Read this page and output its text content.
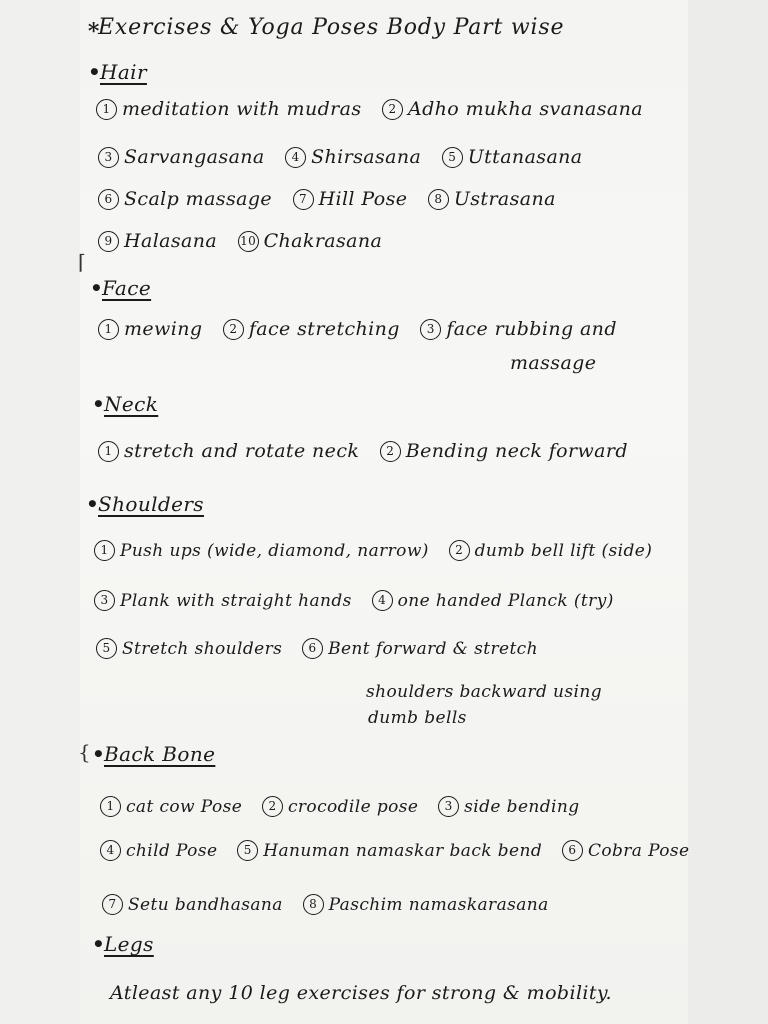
∗Exercises & Yoga Poses Body Part wise
•Hair
1 meditation with mudras 2 Adho mukha svanasana
3 Sarvangasana 4 Shirsasana 5 Uttanasana
6 Scalp massage 7 Hill Pose 8 Ustrasana
9 Halasana 10 Chakrasana
•Face
1 mewing 2 face stretching 3 face rubbing and
massage
•Neck
1 stretch and rotate neck 2 Bending neck forward
•Shoulders
1 Push ups (wide, diamond, narrow) 2 dumb bell lift (side)
3 Plank with straight hands 4 one handed Planck (try)
5 Stretch shoulders 6 Bent forward & stretch
shoulders backward using
dumb bells
•Back Bone
1 cat cow Pose 2 crocodile pose 3 side bending
4 child Pose 5 Hanuman namaskar back bend 6 Cobra Pose
7 Setu bandhasana 8 Paschim namaskarasana
•Legs
Atleast any 10 leg exercises for strong & mobility.
⌈
{
